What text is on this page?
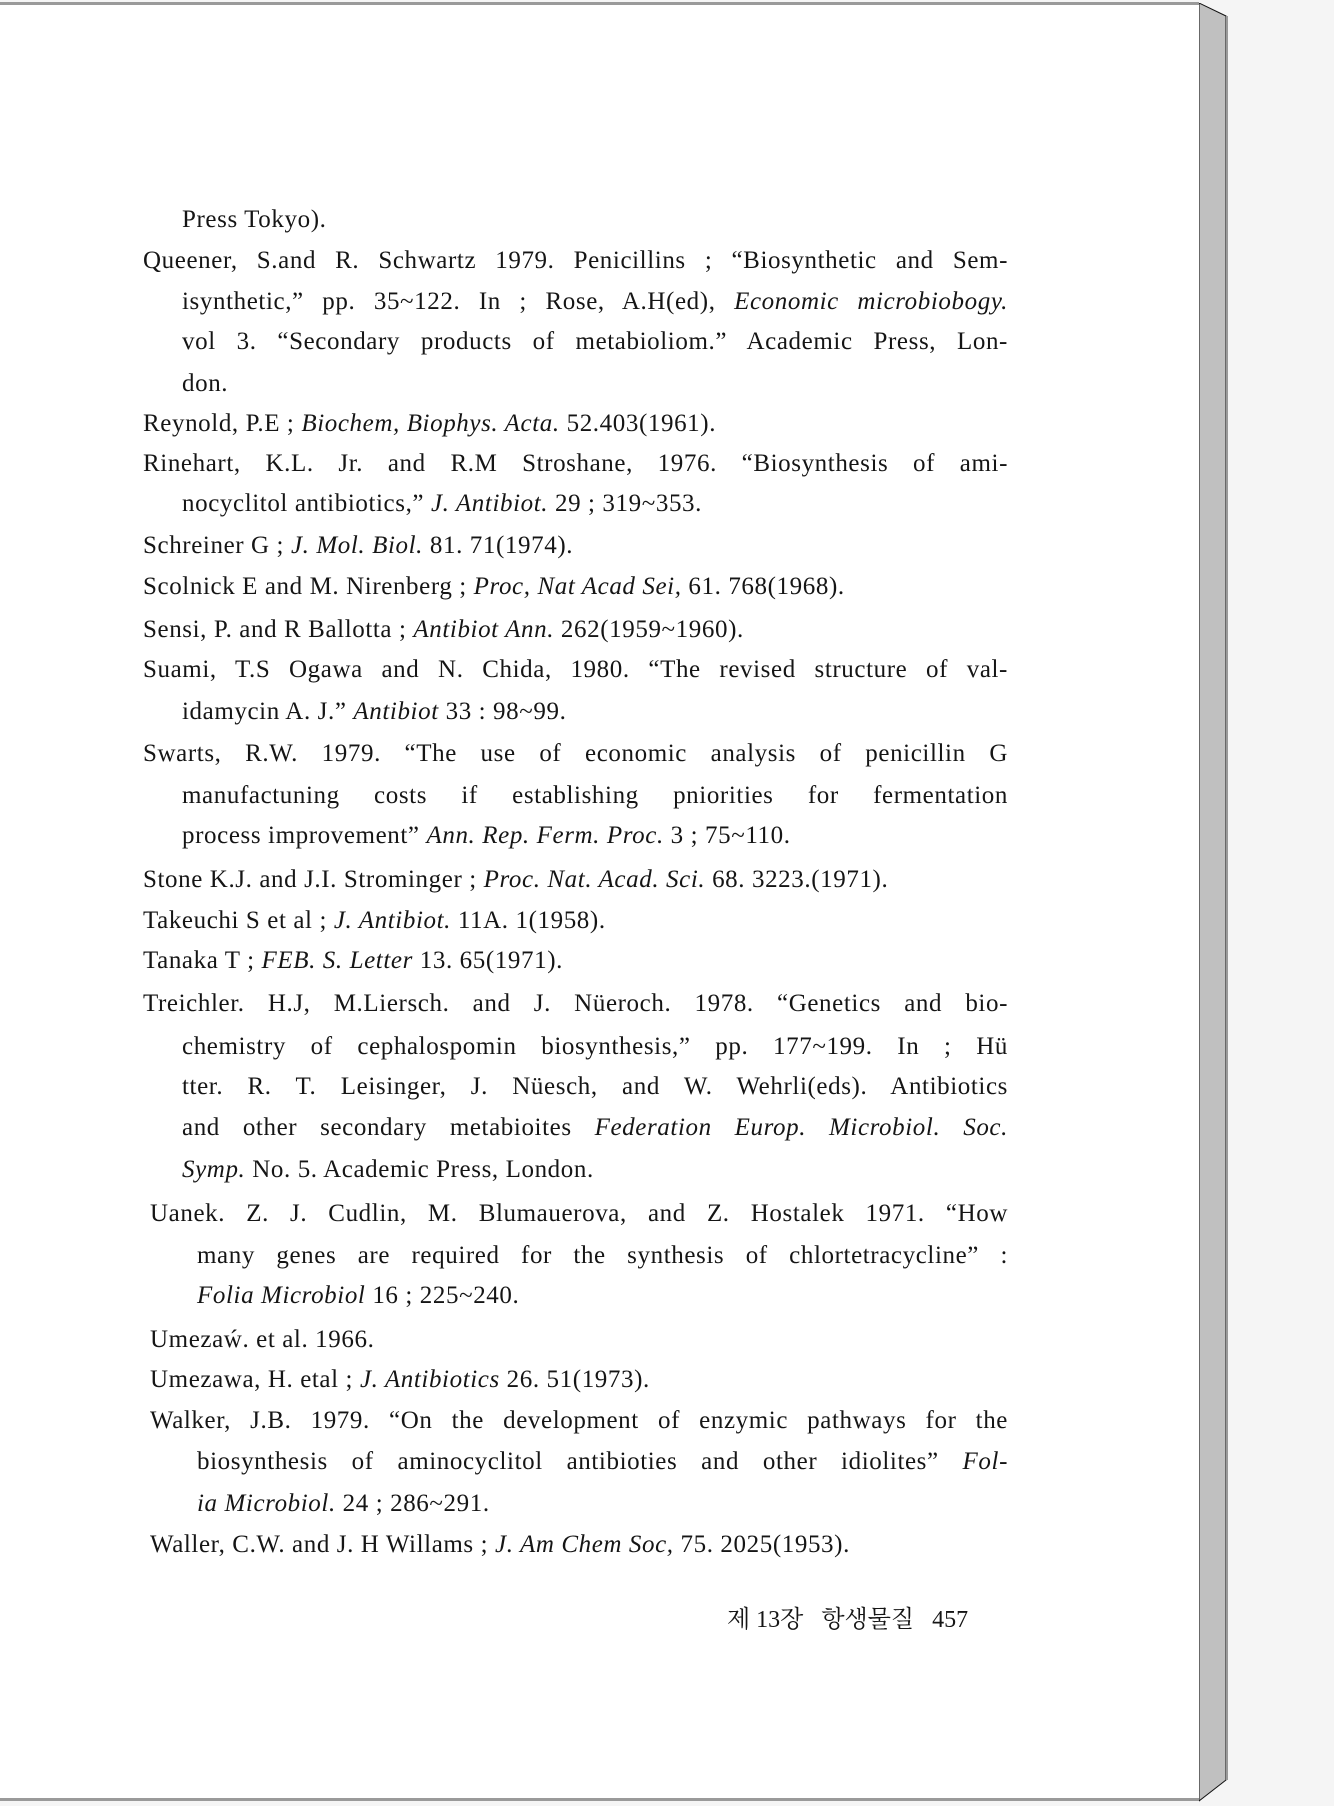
Press Tokyo).
Queener, S.and R. Schwartz 1979. Penicillins ; “Biosynthetic and Sem-
isynthetic,” pp. 35~122. In ; Rose, A.H(ed), Economic microbiobogy.
vol 3. “Secondary products of metabioliom.” Academic Press, Lon-
don.
Reynold, P.E ; Biochem, Biophys. Acta. 52.403(1961).
Rinehart, K.L. Jr. and R.M Stroshane, 1976. “Biosynthesis of ami-
nocyclitol antibiotics,” J. Antibiot. 29 ; 319~353.
Schreiner G ; J. Mol. Biol. 81. 71(1974).
Scolnick E and M. Nirenberg ; Proc, Nat Acad Sei, 61. 768(1968).
Sensi, P. and R Ballotta ; Antibiot Ann. 262(1959~1960).
Suami, T.S Ogawa and N. Chida, 1980. “The revised structure of val-
idamycin A. J.” Antibiot 33 : 98~99.
Swarts, R.W. 1979. “The use of economic analysis of penicillin G
manufactuning costs if establishing pniorities for fermentation
process improvement” Ann. Rep. Ferm. Proc. 3 ; 75~110.
Stone K.J. and J.I. Strominger ; Proc. Nat. Acad. Sci. 68. 3223.(1971).
Takeuchi S et al ; J. Antibiot. 11A. 1(1958).
Tanaka T ; FEB. S. Letter 13. 65(1971).
Treichler. H.J, M.Liersch. and J. Nüeroch. 1978. “Genetics and bio-
chemistry of cephalospomin biosynthesis,” pp. 177~199. In ; Hü
tter. R. T. Leisinger, J. Nüesch, and W. Wehrli(eds). Antibiotics
and other secondary metabioites Federation Europ. Microbiol. Soc.
Symp. No. 5. Academic Press, London.
Uanek. Z. J. Cudlin, M. Blumauerova, and Z. Hostalek 1971. “How
many genes are required for the synthesis of chlortetracycline” :
Folia Microbiol 16 ; 225~240.
Umezaẃ. et al. 1966.
Umezawa, H. etal ; J. Antibiotics 26. 51(1973).
Walker, J.B. 1979. “On the development of enzymic pathways for the
biosynthesis of aminocyclitol antibioties and other idiolites” Fol-
ia Microbiol. 24 ; 286~291.
Waller, C.W. and J. H Willams ; J. Am Chem Soc, 75. 2025(1953).
제 13장 항생물질 457
